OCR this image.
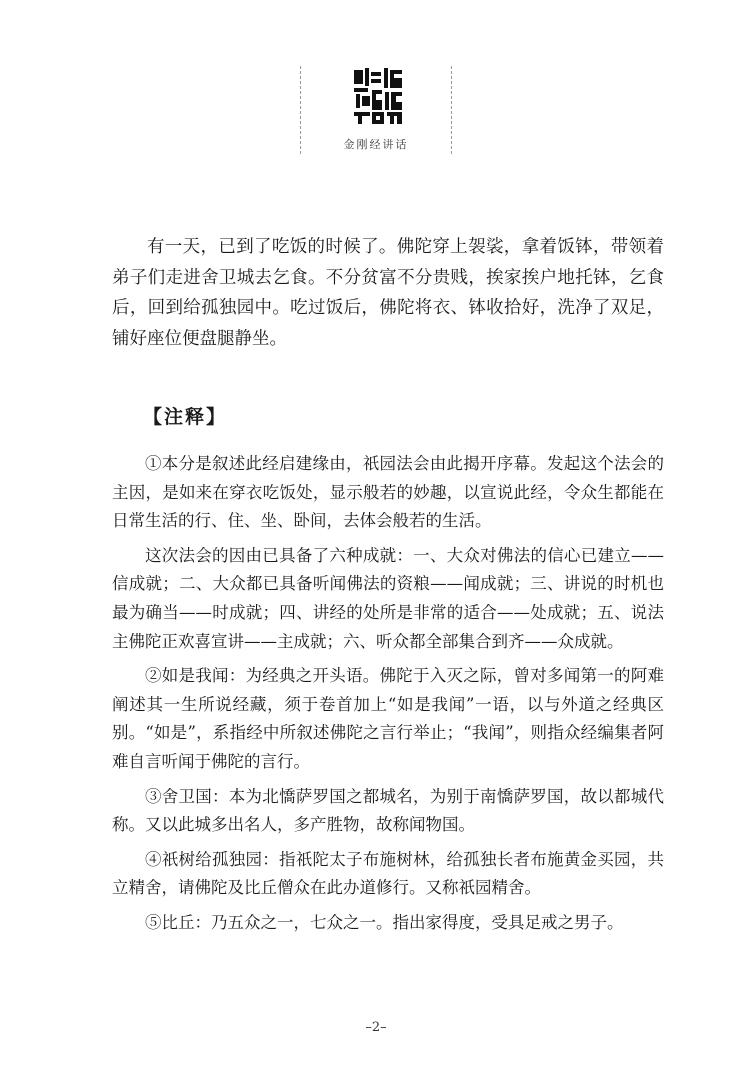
金刚经讲话

有一天，已到了吃饭的时候了。佛陀穿上袈裟，拿着饭钵，带领着弟子们走进舍卫城去乞食。不分贫富不分贵贱，挨家挨户地托钵，乞食后，回到给孤独园中。吃过饭后，佛陀将衣、钵收拾好，洗净了双足，铺好座位便盘腿静坐。

【注释】

①本分是叙述此经启建缘由，祇园法会由此揭开序幕。发起这个法会的主因，是如来在穿衣吃饭处，显示般若的妙趣，以宣说此经，令众生都能在日常生活的行、住、坐、卧间，去体会般若的生活。

这次法会的因由已具备了六种成就：一、大众对佛法的信心已建立——信成就；二、大众都已具备听闻佛法的资粮——闻成就；三、讲说的时机也最为确当——时成就；四、讲经的处所是非常的适合——处成就；五、说法主佛陀正欢喜宣讲——主成就；六、听众都全部集合到齐——众成就。

②如是我闻：为经典之开头语。佛陀于入灭之际，曾对多闻第一的阿难阐述其一生所说经藏，须于卷首加上“如是我闻”一语，以与外道之经典区别。“如是”，系指经中所叙述佛陀之言行举止；“我闻”，则指众经编集者阿难自言听闻于佛陀的言行。

③舍卫国：本为北憍萨罗国之都城名，为别于南憍萨罗国，故以都城代称。又以此城多出名人，多产胜物，故称闻物国。

④祇树给孤独园：指祇陀太子布施树林，给孤独长者布施黄金买园，共立精舍，请佛陀及比丘僧众在此办道修行。又称祇园精舍。

⑤比丘：乃五众之一，七众之一。指出家得度，受具足戒之男子。

–2–
